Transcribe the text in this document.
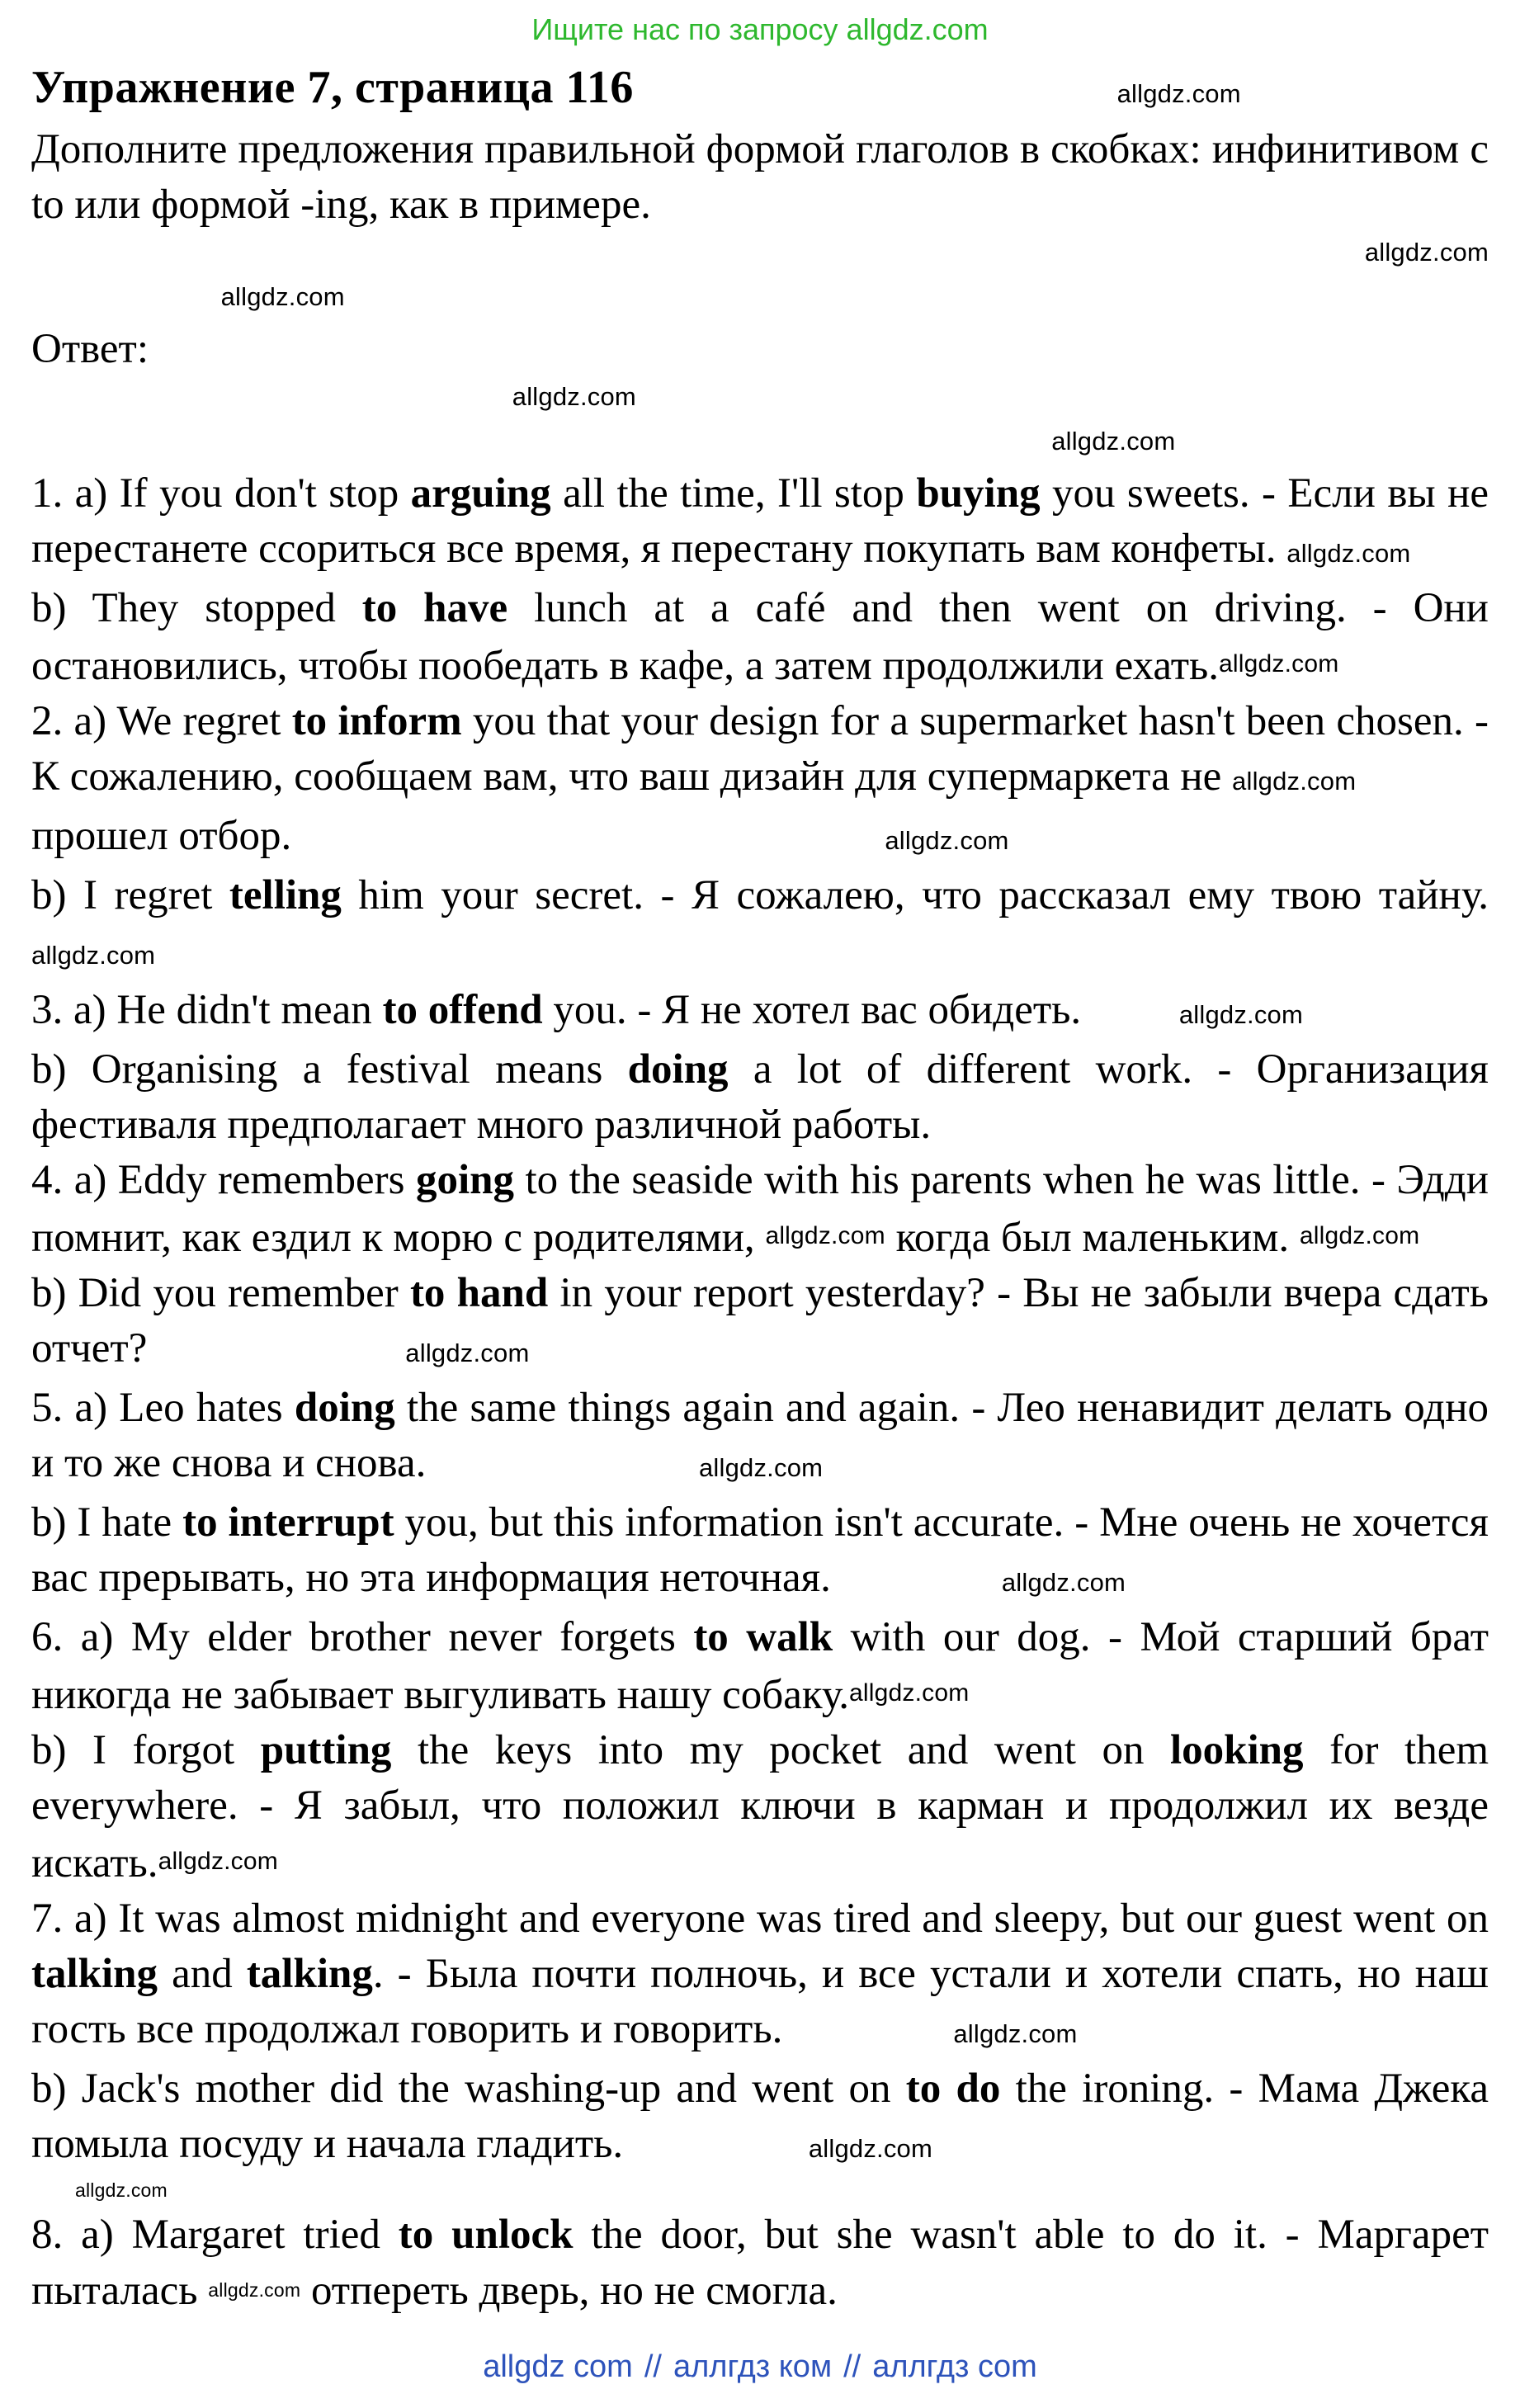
Ищите нас по запросу allgdz.com
Упражнение 7, страница 116	allgdz.com
Дополните предложения правильной формой глаголов в скобках: инфинитивом с to или формой -ing, как в примере.
allgdz.com
allgdz.com
Ответ:
allgdz.com
allgdz.com
1. a) If you don't stop arguing all the time, I'll stop buying you sweets. - Если вы не перестанете ссориться все время, я перестану покупать вам конфеты. allgdz.com
b) They stopped to have lunch at a café and then went on driving. - Они остановились, чтобы пообедать в кафе, а затем продолжили ехать.allgdz.com
2. a) We regret to inform you that your design for a supermarket hasn't been chosen. - К сожалению, сообщаем вам, что ваш дизайн для супермаркета не allgdz.com
прошел отбор.	allgdz.com
b) I regret telling him your secret. - Я сожалею, что рассказал ему твою тайну. allgdz.com
3. a) He didn't mean to offend you. - Я не хотел вас обидеть.	allgdz.com
b) Organising a festival means doing a lot of different work. - Организация фестиваля предполагает много различной работы.
4. a) Eddy remembers going to the seaside with his parents when he was little. - Эдди помнит, как ездил к морю с родителями, allgdz.com когда был маленьким. allgdz.com
b) Did you remember to hand in your report yesterday? - Вы не забыли вчера сдать отчет?	allgdz.com
5. a) Leo hates doing the same things again and again. - Лео ненавидит делать одно и то же снова и снова.	allgdz.com
b) I hate to interrupt you, but this information isn't accurate. - Мне очень не хочется вас прерывать, но эта информация неточная.	allgdz.com
6. a) My elder brother never forgets to walk with our dog. - Мой старший брат никогда не забывает выгуливать нашу собаку.allgdz.com
b) I forgot putting the keys into my pocket and went on looking for them everywhere. - Я забыл, что положил ключи в карман и продолжил их везде искать.allgdz.com
7. a) It was almost midnight and everyone was tired and sleepy, but our guest went on talking and talking. - Была почти полночь, и все устали и хотели спать, но наш гость все продолжал говорить и говорить.	allgdz.com
b) Jack's mother did the washing-up and went on to do the ironing. - Мама Джека помыла посуду и начала гладить.	allgdz.com
allgdz.com
8. a) Margaret tried to unlock the door, but she wasn't able to do it. - Маргарет пыталась allgdz.com отпереть дверь, но не смогла.
allgdz com // аллгдз ком // аллгдз com
